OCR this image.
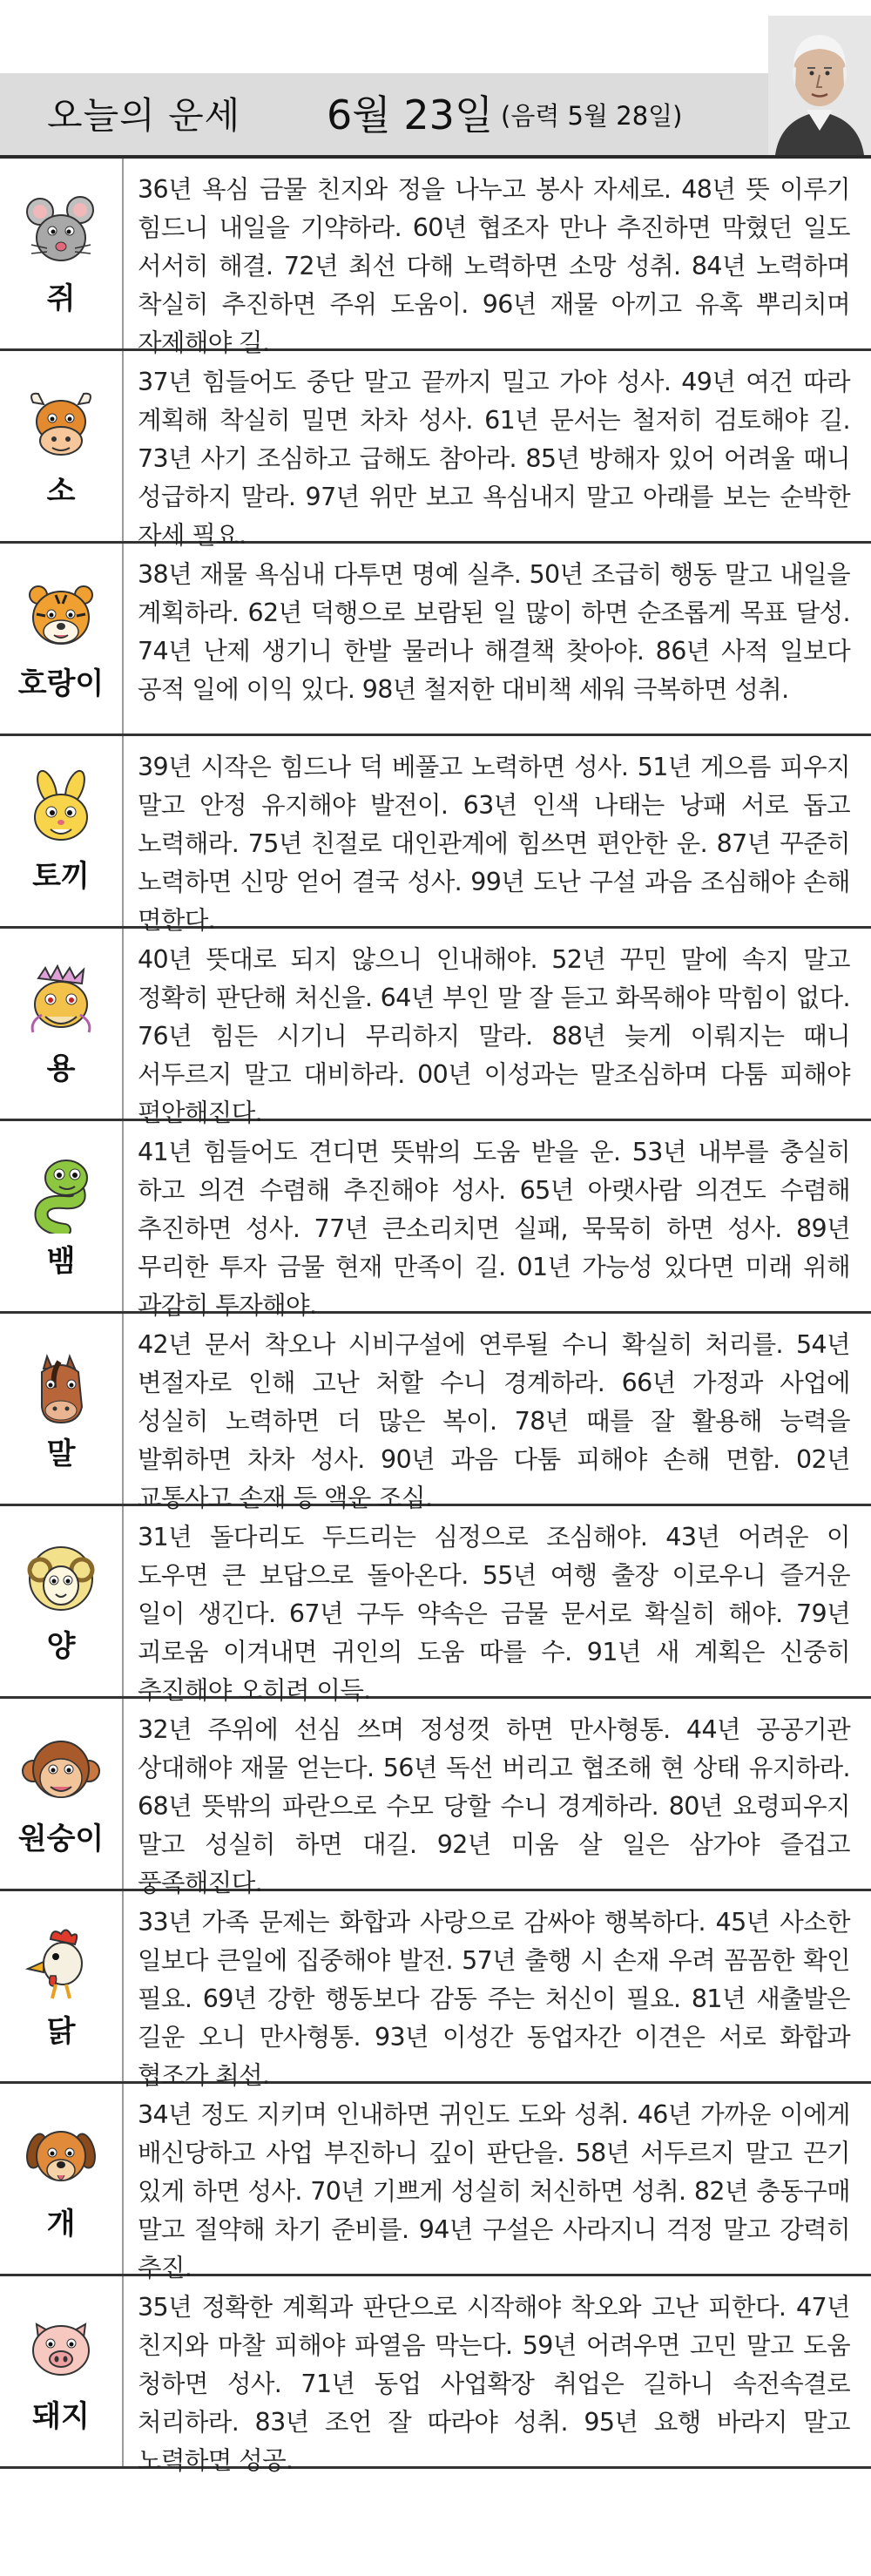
오늘의 운세 6월 23일 (음력 5월 28일)
쥐
36년 욕심 금물 친지와 정을 나누고 봉사 자세로. 48년 뜻 이루기 힘드니 내일을 기약하라. 60년 협조자 만나 추진하면 막혔던 일도 서서히 해결. 72년 최선 다해 노력하면 소망 성취. 84년 노력하며 착실히 추진하면 주위 도움이. 96년 재물 아끼고 유혹 뿌리치며 자제해야 길.
소
37년 힘들어도 중단 말고 끝까지 밀고 가야 성사. 49년 여건 따라 계획해 착실히 밀면 차차 성사. 61년 문서는 철저히 검토해야 길. 73년 사기 조심하고 급해도 참아라. 85년 방해자 있어 어려울 때니 성급하지 말라. 97년 위만 보고 욕심내지 말고 아래를 보는 순박한 자세 필요.
호랑이
38년 재물 욕심내 다투면 명예 실추. 50년 조급히 행동 말고 내일을 계획하라. 62년 덕행으로 보람된 일 많이 하면 순조롭게 목표 달성. 74년 난제 생기니 한발 물러나 해결책 찾아야. 86년 사적 일보다 공적 일에 이익 있다. 98년 철저한 대비책 세워 극복하면 성취.
토끼
39년 시작은 힘드나 덕 베풀고 노력하면 성사. 51년 게으름 피우지 말고 안정 유지해야 발전이. 63년 인색 나태는 낭패 서로 돕고 노력해라. 75년 친절로 대인관계에 힘쓰면 편안한 운. 87년 꾸준히 노력하면 신망 얻어 결국 성사. 99년 도난 구설 과음 조심해야 손해 면한다.
용
40년 뜻대로 되지 않으니 인내해야. 52년 꾸민 말에 속지 말고 정확히 판단해 처신을. 64년 부인 말 잘 듣고 화목해야 막힘이 없다. 76년 힘든 시기니 무리하지 말라. 88년 늦게 이뤄지는 때니 서두르지 말고 대비하라. 00년 이성과는 말조심하며 다툼 피해야 편안해진다.
뱀
41년 힘들어도 견디면 뜻밖의 도움 받을 운. 53년 내부를 충실히 하고 의견 수렴해 추진해야 성사. 65년 아랫사람 의견도 수렴해 추진하면 성사. 77년 큰소리치면 실패, 묵묵히 하면 성사. 89년 무리한 투자 금물 현재 만족이 길. 01년 가능성 있다면 미래 위해 과감히 투자해야.
말
42년 문서 착오나 시비구설에 연루될 수니 확실히 처리를. 54년 변절자로 인해 고난 처할 수니 경계하라. 66년 가정과 사업에 성실히 노력하면 더 많은 복이. 78년 때를 잘 활용해 능력을 발휘하면 차차 성사. 90년 과음 다툼 피해야 손해 면함. 02년 교통사고 손재 등 액운 조심.
양
31년 돌다리도 두드리는 심정으로 조심해야. 43년 어려운 이 도우면 큰 보답으로 돌아온다. 55년 여행 출장 이로우니 즐거운 일이 생긴다. 67년 구두 약속은 금물 문서로 확실히 해야. 79년 괴로움 이겨내면 귀인의 도움 따를 수. 91년 새 계획은 신중히 추진해야 오히려 이득.
원숭이
32년 주위에 선심 쓰며 정성껏 하면 만사형통. 44년 공공기관 상대해야 재물 얻는다. 56년 독선 버리고 협조해 현 상태 유지하라. 68년 뜻밖의 파란으로 수모 당할 수니 경계하라. 80년 요령피우지 말고 성실히 하면 대길. 92년 미움 살 일은 삼가야 즐겁고 풍족해진다.
닭
33년 가족 문제는 화합과 사랑으로 감싸야 행복하다. 45년 사소한 일보다 큰일에 집중해야 발전. 57년 출행 시 손재 우려 꼼꼼한 확인 필요. 69년 강한 행동보다 감동 주는 처신이 필요. 81년 새출발은 길운 오니 만사형통. 93년 이성간 동업자간 이견은 서로 화합과 협조가 최선.
개
34년 정도 지키며 인내하면 귀인도 도와 성취. 46년 가까운 이에게 배신당하고 사업 부진하니 깊이 판단을. 58년 서두르지 말고 끈기 있게 하면 성사. 70년 기쁘게 성실히 처신하면 성취. 82년 충동구매 말고 절약해 차기 준비를. 94년 구설은 사라지니 걱정 말고 강력히 추진.
돼지
35년 정확한 계획과 판단으로 시작해야 착오와 고난 피한다. 47년 친지와 마찰 피해야 파열음 막는다. 59년 어려우면 고민 말고 도움 청하면 성사. 71년 동업 사업확장 취업은 길하니 속전속결로 처리하라. 83년 조언 잘 따라야 성취. 95년 요행 바라지 말고 노력하면 성공.
